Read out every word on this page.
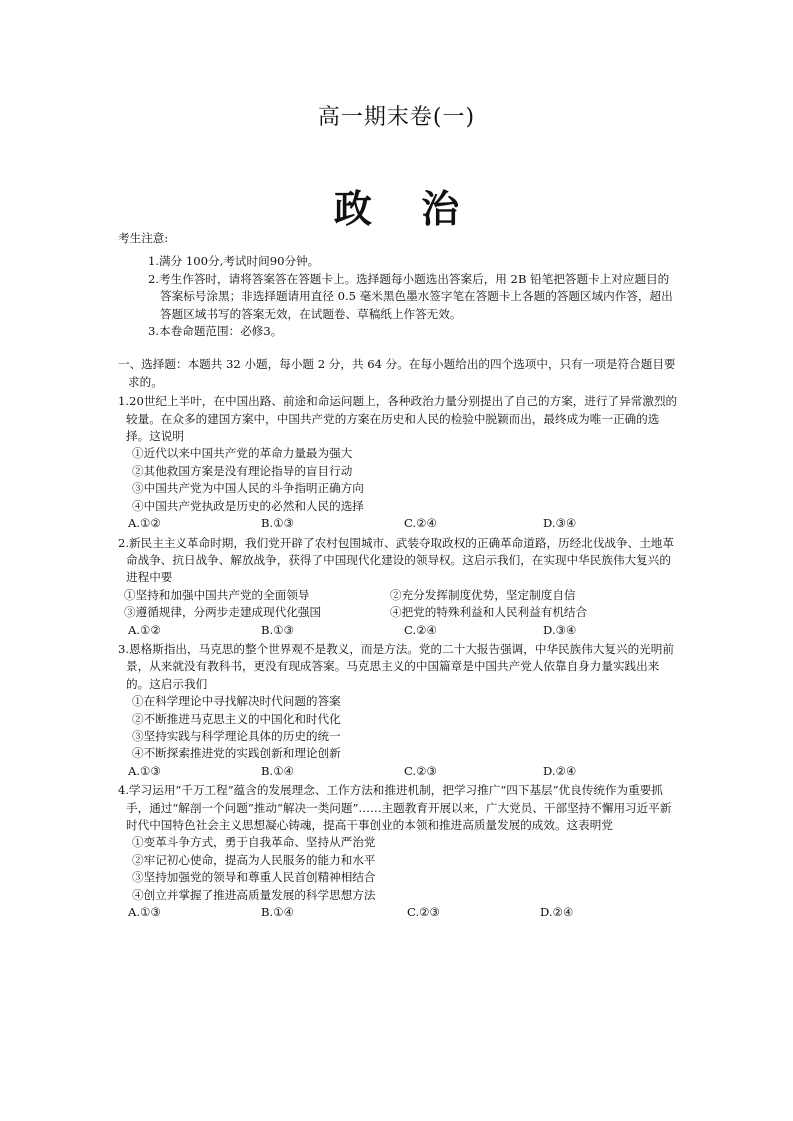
高一期末卷(一)
政 治

考生注意:

1.满分 100分,考试时间90分钟。
2.考生作答时，请将答案答在答题卡上。选择题每小题选出答案后，用 2B 铅笔把答题卡上对应题目的答案标号涂黑；非选择题请用直径 0.5 毫米黑色墨水签字笔在答题卡上各题的答题区域内作答，超出答题区域书写的答案无效，在试题卷、草稿纸上作答无效。
3.本卷命题范围：必修3。

一、选择题：本题共 32 小题，每小题 2 分，共 64 分。在每小题给出的四个选项中，只有一项是符合题目要求的。

1.20世纪上半叶，在中国出路、前途和命运问题上，各种政治力量分别提出了自己的方案，进行了异常激烈的较量。在众多的建国方案中，中国共产党的方案在历史和人民的检验中脱颖而出，最终成为唯一正确的选择。这说明

①近代以来中国共产党的革命力量最为强大
②其他救国方案是没有理论指导的盲目行动
③中国共产党为中国人民的斗争指明正确方向
④中国共产党执政是历史的必然和人民的选择
A.①②	B.①③	C.②④	D.③④

2.新民主主义革命时期，我们党开辟了农村包围城市、武装夺取政权的正确革命道路，历经北伐战争、土地革命战争、抗日战争、解放战争，获得了中国现代化建设的领导权。这启示我们，在实现中华民族伟大复兴的进程中要

①坚持和加强中国共产党的全面领导	②充分发挥制度优势，坚定制度自信
③遵循规律，分两步走建成现代化强国	④把党的特殊利益和人民利益有机结合
A.①②	B.①③	C.②④	D.③④

3.恩格斯指出，马克思的整个世界观不是教义，而是方法。党的二十大报告强调，中华民族伟大复兴的光明前景，从来就没有教科书，更没有现成答案。马克思主义的中国篇章是中国共产党人依靠自身力量实践出来的。这启示我们

①在科学理论中寻找解决时代问题的答案
②不断推进马克思主义的中国化和时代化
③坚持实践与科学理论具体的历史的统一
④不断探索推进党的实践创新和理论创新
A.①③	B.①④	C.②③	D.②④

4.学习运用“千万工程”蕴含的发展理念、工作方法和推进机制，把学习推广“四下基层”优良传统作为重要抓手，通过“解剖一个问题”推动“解决一类问题”……主题教育开展以来，广大党员、干部坚持不懈用习近平新时代中国特色社会主义思想凝心铸魂，提高干事创业的本领和推进高质量发展的成效。这表明党

①变革斗争方式，勇于自我革命、坚持从严治党
②牢记初心使命，提高为人民服务的能力和水平
③坚持加强党的领导和尊重人民首创精神相结合
④创立并掌握了推进高质量发展的科学思想方法
A.①③	B.①④	C.②③	D.②④
